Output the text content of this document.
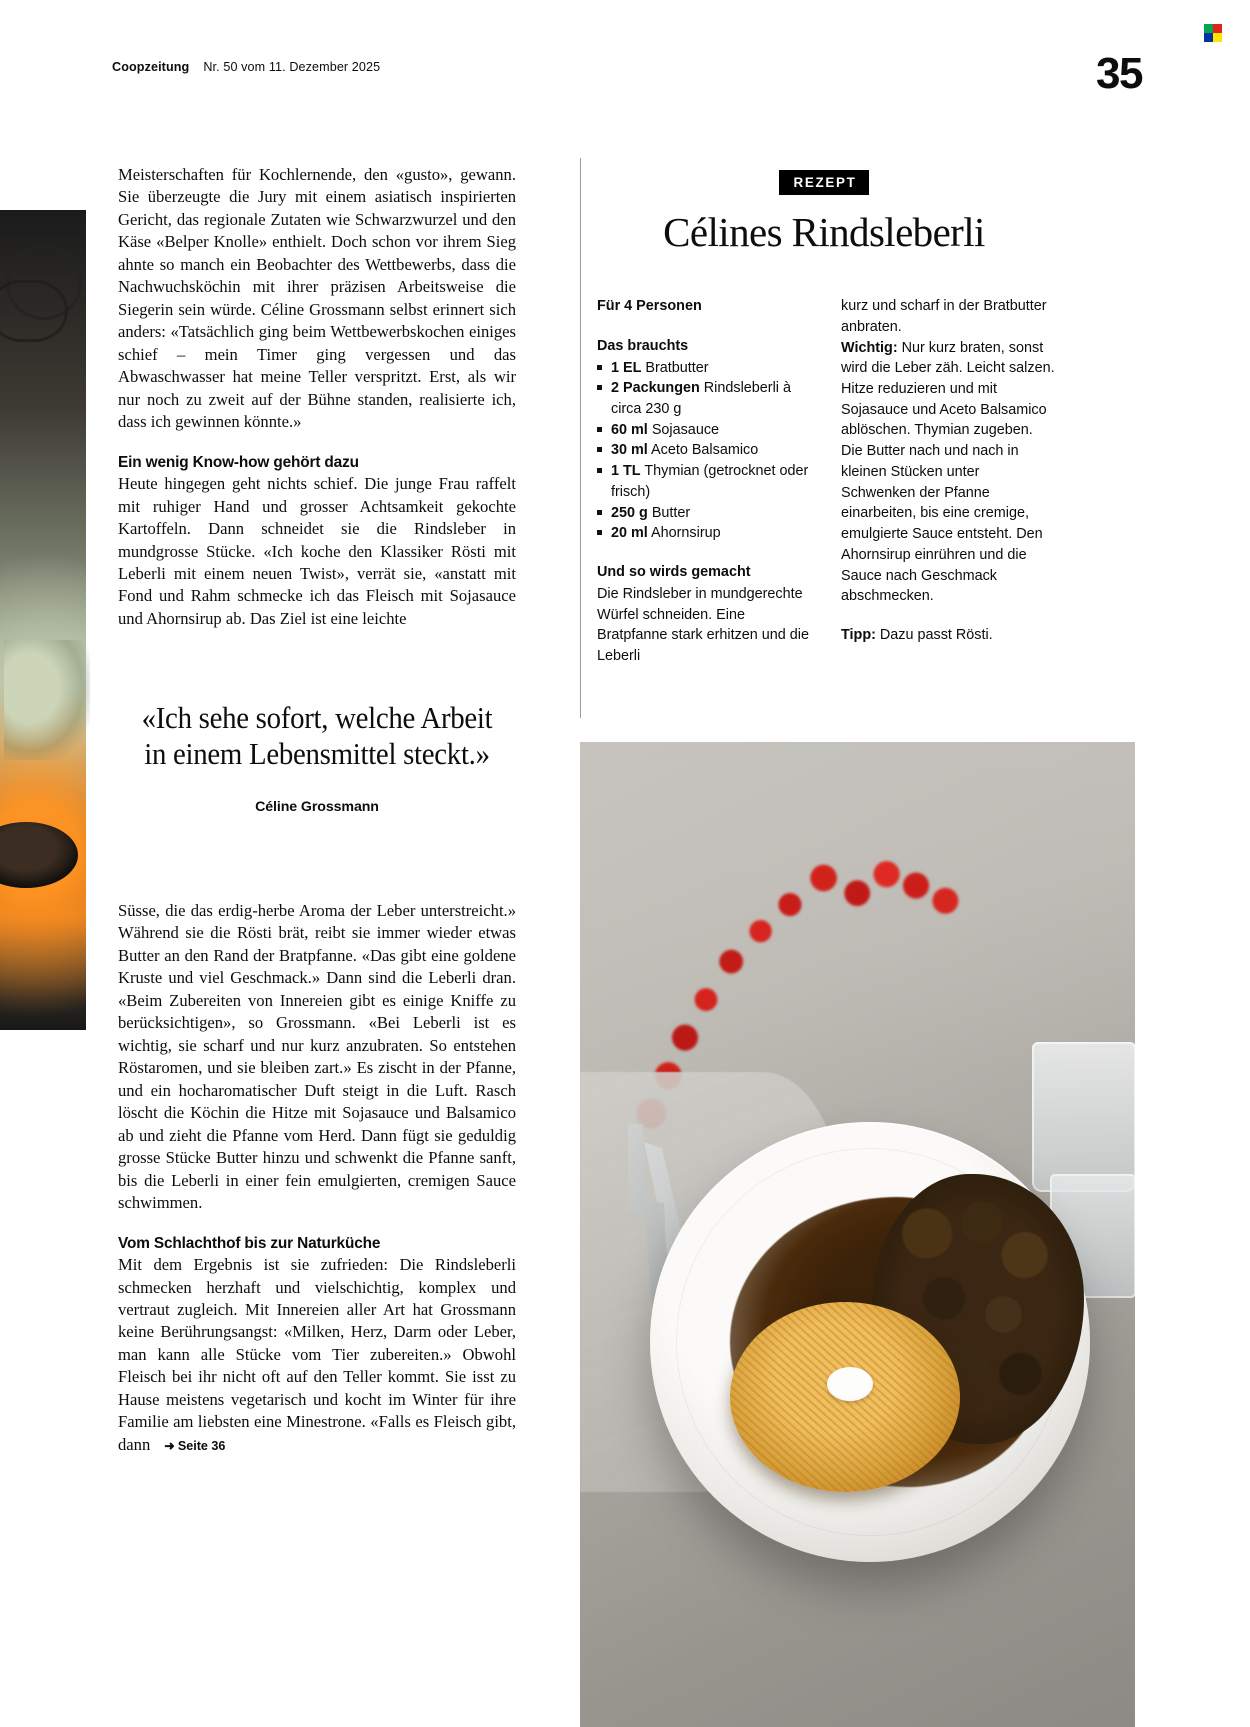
Coopzeitung Nr. 50 vom 11. Dezember 2025	35

Meisterschaften für Kochlernende, den «gusto», gewann. Sie überzeugte die Jury mit einem asiatisch inspirierten Gericht, das regionale Zutaten wie Schwarzwurzel und den Käse «Belper Knolle» enthielt. Doch schon vor ihrem Sieg ahnte so manch ein Beobachter des Wettbewerbs, dass die Nachwuchsköchin mit ihrer präzisen Arbeitsweise die Siegerin sein würde. Céline Grossmann selbst erinnert sich anders: «Tatsächlich ging beim Wettbewerbskochen einiges schief – mein Timer ging vergessen und das Abwaschwasser hat meine Teller verspritzt. Erst, als wir nur noch zu zweit auf der Bühne standen, realisierte ich, dass ich gewinnen könnte.»

Ein wenig Know-how gehört dazu

Heute hingegen geht nichts schief. Die junge Frau raffelt mit ruhiger Hand und grosser Achtsamkeit gekochte Kartoffeln. Dann schneidet sie die Rindsleber in mundgrosse Stücke. «Ich koche den Klassiker Rösti mit Leberli mit einem neuen Twist», verrät sie, «anstatt mit Fond und Rahm schmecke ich das Fleisch mit Sojasauce und Ahornsirup ab. Das Ziel ist eine leichte

«Ich sehe sofort, welche Arbeit in einem Lebensmittel steckt.»

Céline Grossmann

Süsse, die das erdig-herbe Aroma der Leber unterstreicht.» Während sie die Rösti brät, reibt sie immer wieder etwas Butter an den Rand der Bratpfanne. «Das gibt eine goldene Kruste und viel Geschmack.» Dann sind die Leberli dran. «Beim Zubereiten von Innereien gibt es einige Kniffe zu berücksichtigen», so Grossmann. «Bei Leberli ist es wichtig, sie scharf und nur kurz anzubraten. So entstehen Röstaromen, und sie bleiben zart.» Es zischt in der Pfanne, und ein hocharomatischer Duft steigt in die Luft. Rasch löscht die Köchin die Hitze mit Sojasauce und Balsamico ab und zieht die Pfanne vom Herd. Dann fügt sie geduldig grosse Stücke Butter hinzu und schwenkt die Pfanne sanft, bis die Leberli in einer fein emulgierten, cremigen Sauce schwimmen.

Vom Schlachthof bis zur Naturküche

Mit dem Ergebnis ist sie zufrieden: Die Rindsleberli schmecken herzhaft und vielschichtig, komplex und vertraut zugleich. Mit Innereien aller Art hat Grossmann keine Berührungsangst: «Milken, Herz, Darm oder Leber, man kann alle Stücke vom Tier zubereiten.» Obwohl Fleisch bei ihr nicht oft auf den Teller kommt. Sie isst zu Hause meistens vegetarisch und kocht im Winter für ihre Familie am liebsten eine Minestrone. «Falls es Fleisch gibt, dann ➜ Seite 36

REZEPT
Célines Rindsleberli
Für 4 Personen
Das brauchts
1 EL Bratbutter
2 Packungen Rindsleberli à circa 230 g
60 ml Sojasauce
30 ml Aceto Balsamico
1 TL Thymian (getrocknet oder frisch)
250 g Butter
20 ml Ahornsirup
Und so wirds gemacht

Die Rindsleber in mundgerechte Würfel schneiden. Eine Bratpfanne stark erhitzen und die Leberli

kurz und scharf in der Bratbutter anbraten.

Wichtig: Nur kurz braten, sonst wird die Leber zäh. Leicht salzen. Hitze reduzieren und mit Sojasauce und Aceto Balsamico ablöschen. Thymian zugeben. Die Butter nach und nach in kleinen Stücken unter Schwenken der Pfanne einarbeiten, bis eine cremige, emulgierte Sauce entsteht. Den Ahornsirup einrühren und die Sauce nach Geschmack abschmecken.

Tipp: Dazu passt Rösti.
